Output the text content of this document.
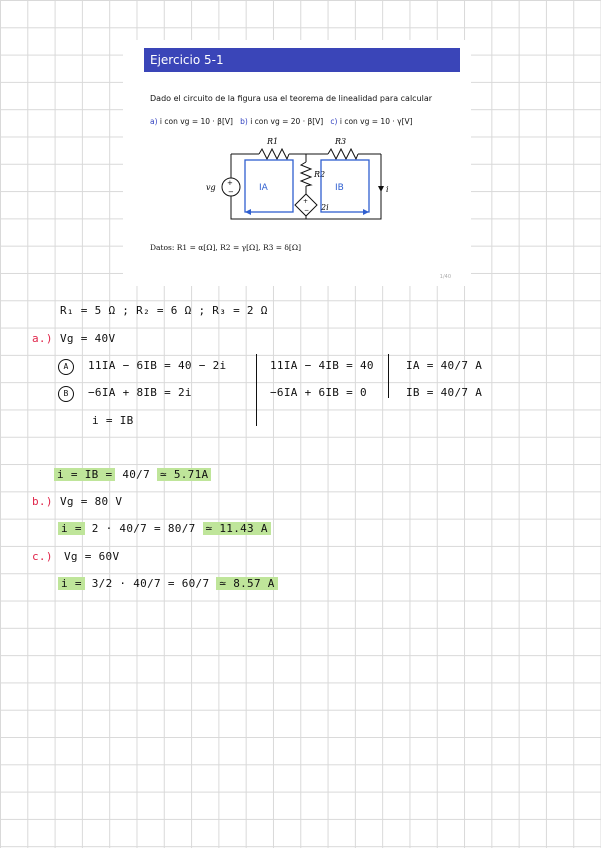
Ejercicio 5-1
Dado el circuito de la figura usa el teorema de linealidad para calcular
a) i con vg = 10 · β[V] b) i con vg = 20 · β[V] c) i con vg = 10 · γ[V]
+
−
+
−
R1	R3
R2
vg
2i
i
IA	IB
Datos: R1 = α[Ω], R2 = γ[Ω], R3 = δ[Ω]
1/40
R₁ = 5 Ω ; R₂ = 6 Ω ; R₃ = 2 Ω
a.) Vg = 40V
A	11IA − 6IB = 40 − 2i
B	−6IA + 8IB = 2i
i = IB
11IA − 4IB = 40
−6IA + 6IB = 0
IA = 40/7 A
IB = 40/7 A
i = IB = 40/7 ≃ 5.71A
b.) Vg = 80 V
i = 2 · 40/7 = 80/7 ≃ 11.43 A
c.) Vg = 60V
i = 3/2 · 40/7 = 60/7 ≃ 8.57 A
